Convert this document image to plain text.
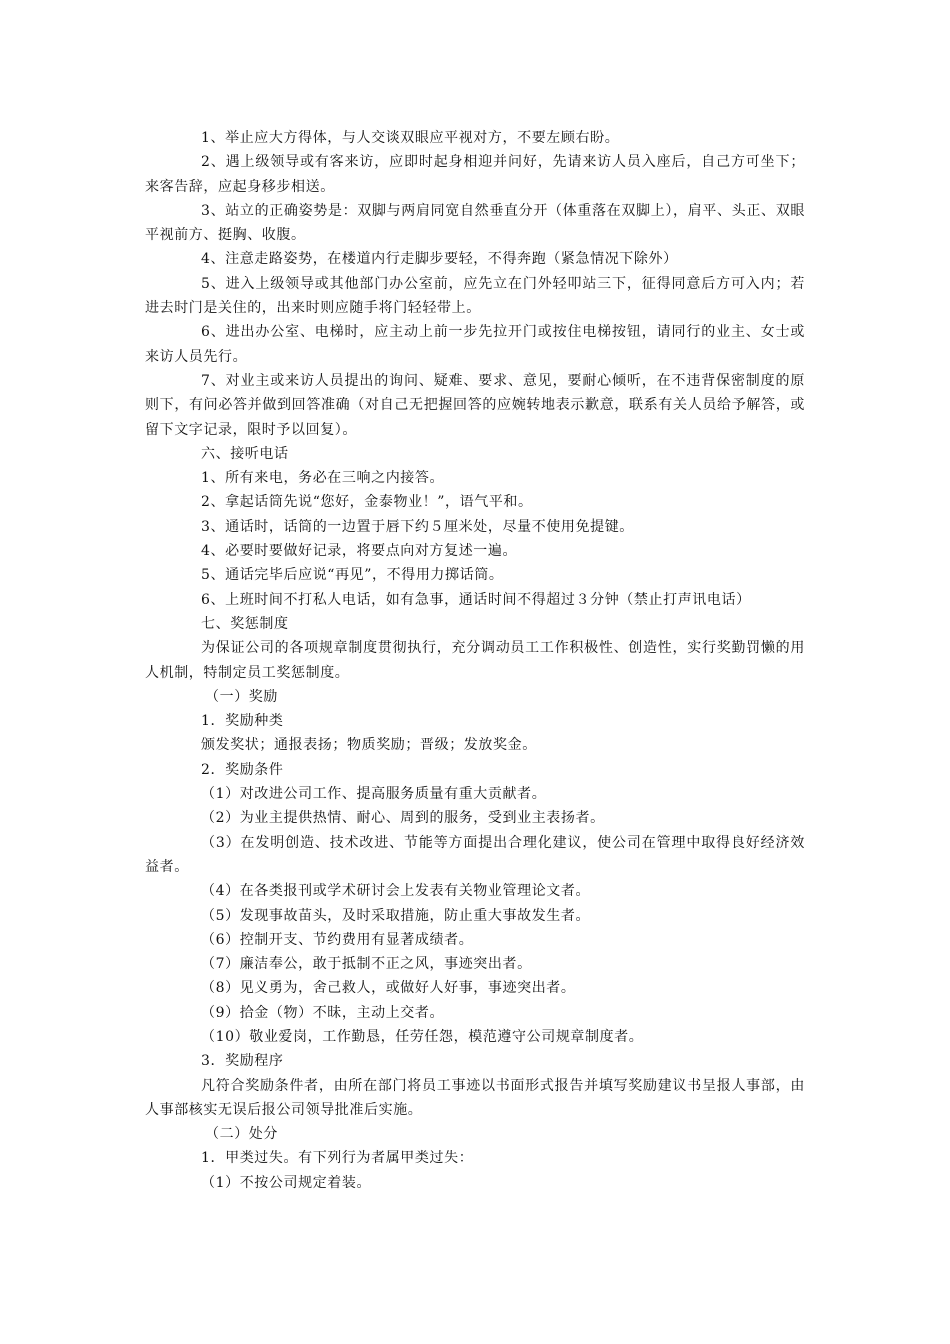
1、举止应大方得体，与人交谈双眼应平视对方，不要左顾右盼。

2、遇上级领导或有客来访，应即时起身相迎并问好，先请来访人员入座后，自己方可坐下；来客告辞，应起身移步相送。

3、站立的正确姿势是：双脚与两肩同宽自然垂直分开（体重落在双脚上），肩平、头正、双眼平视前方、挺胸、收腹。

4、注意走路姿势，在楼道内行走脚步要轻，不得奔跑（紧急情况下除外）

5、进入上级领导或其他部门办公室前，应先立在门外轻叩站三下，征得同意后方可入内；若进去时门是关住的，出来时则应随手将门轻轻带上。

6、进出办公室、电梯时，应主动上前一步先拉开门或按住电梯按钮，请同行的业主、女士或来访人员先行。

7、对业主或来访人员提出的询问、疑难、要求、意见，要耐心倾听，在不违背保密制度的原则下，有问必答并做到回答准确（对自己无把握回答的应婉转地表示歉意，联系有关人员给予解答，或留下文字记录，限时予以回复）。

六、接听电话

1、所有来电，务必在三响之内接答。

2、拿起话筒先说“您好，金泰物业！”，语气平和。

3、通话时，话筒的一边置于唇下约５厘米处，尽量不使用免提键。

4、必要时要做好记录，将要点向对方复述一遍。

5、通话完毕后应说“再见”，不得用力掷话筒。

6、上班时间不打私人电话，如有急事，通话时间不得超过３分钟（禁止打声讯电话）

七、奖惩制度

为保证公司的各项规章制度贯彻执行，充分调动员工工作积极性、创造性，实行奖勤罚懒的用人机制，特制定员工奖惩制度。

（一）奖励

1．奖励种类

颁发奖状；通报表扬；物质奖励；晋级；发放奖金。

2．奖励条件

（1）对改进公司工作、提高服务质量有重大贡献者。

（2）为业主提供热情、耐心、周到的服务，受到业主表扬者。

（3）在发明创造、技术改进、节能等方面提出合理化建议，使公司在管理中取得良好经济效益者。

（4）在各类报刊或学术研讨会上发表有关物业管理论文者。

（5）发现事故苗头，及时采取措施，防止重大事故发生者。

（6）控制开支、节约费用有显著成绩者。

（7）廉洁奉公，敢于抵制不正之风，事迹突出者。

（8）见义勇为，舍己救人，或做好人好事，事迹突出者。

（9）拾金（物）不昧，主动上交者。

（10）敬业爱岗，工作勤恳，任劳任怨，模范遵守公司规章制度者。

3．奖励程序

凡符合奖励条件者，由所在部门将员工事迹以书面形式报告并填写奖励建议书呈报人事部，由人事部核实无误后报公司领导批准后实施。

（二）处分

1．甲类过失。有下列行为者属甲类过失：

（1）不按公司规定着装。
